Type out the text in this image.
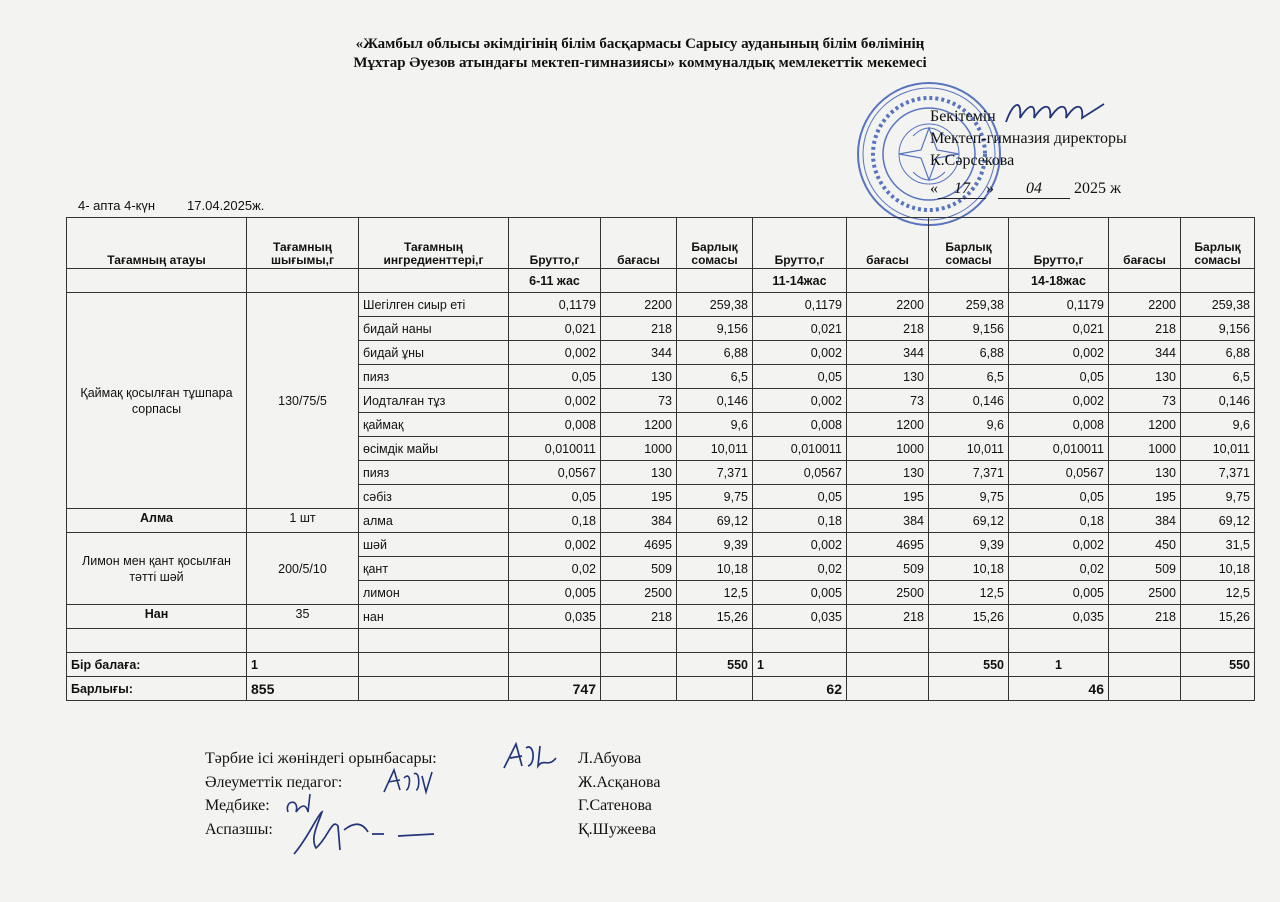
«Жамбыл облысы әкімдігінің білім басқармасы Сарысу ауданының білім бөлімінің
Мұхтар Әуезов атындағы мектеп-гимназиясы» коммуналдық мемлекеттік мекемесі
Бекітемін
Мектеп-гимназия директоры
К.Сәрсекова
« 17 » 04 2025 ж
4- апта 4-күн 17.04.2025ж.
Тағамның атауы	Тағамның шығымы,г	Тағамның ингредиенттері,г	Брутто,г	бағасы	Барлық сомасы	Брутто,г	бағасы	Барлық сомасы	Брутто,г	бағасы	Барлық сомасы
			6-11 жас			11-14жас			14-18жас		
Қаймақ қосылған тұшпара сорпасы	130/75/5	Шегілген сиыр еті	0,1179	2200	259,38	0,1179	2200	259,38	0,1179	2200	259,38
		бидай наны	0,021	218	9,156	0,021	218	9,156	0,021	218	9,156
		бидай ұны	0,002	344	6,88	0,002	344	6,88	0,002	344	6,88
		пияз	0,05	130	6,5	0,05	130	6,5	0,05	130	6,5
		Иодталған тұз	0,002	73	0,146	0,002	73	0,146	0,002	73	0,146
		қаймақ	0,008	1200	9,6	0,008	1200	9,6	0,008	1200	9,6
		өсімдік майы	0,010011	1000	10,011	0,010011	1000	10,011	0,010011	1000	10,011
		пияз	0,0567	130	7,371	0,0567	130	7,371	0,0567	130	7,371
		сәбіз	0,05	195	9,75	0,05	195	9,75	0,05	195	9,75
Алма	1 шт	алма	0,18	384	69,12	0,18	384	69,12	0,18	384	69,12
Лимон мен қант қосылған тәтті шәй	200/5/10	шәй	0,002	4695	9,39	0,002	4695	9,39	0,002	450	31,5
		қант	0,02	509	10,18	0,02	509	10,18	0,02	509	10,18
		лимон	0,005	2500	12,5	0,005	2500	12,5	0,005	2500	12,5
Нан	35	нан	0,035	218	15,26	0,035	218	15,26	0,035	218	15,26

Бір балаға:	1				550	1		550	1		550
Барлығы:	855		747			62			46		
Тәрбие ісі жөніндегі орынбасары:	Л.Абуова
Әлеуметтік педагог:	Ж.Асқанова
Медбике:	Г.Сатенова
Аспазшы:	Қ.Шужеева
